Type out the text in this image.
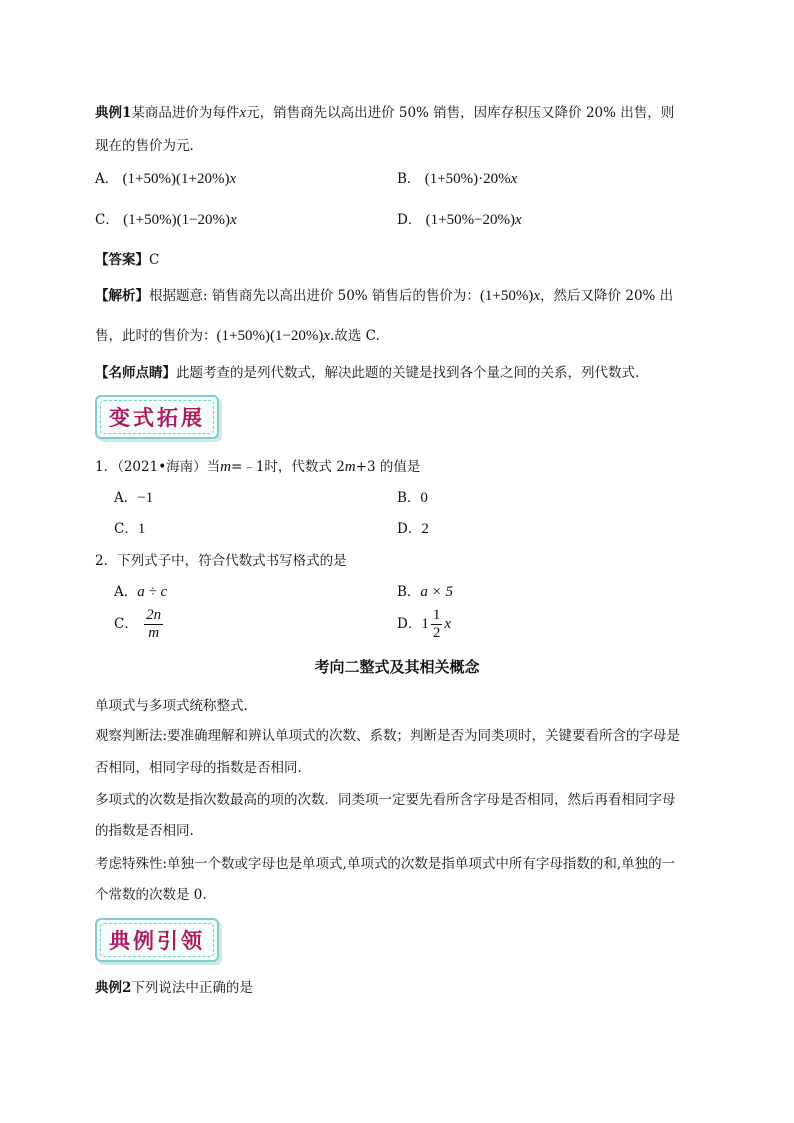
典例1某商品进价为每件x元，销售商先以高出进价 50% 销售，因库存积压又降价 20% 出售，则
现在的售价为元.
A． (1+50%)(1+20%)x	B． (1+50%)·20%x
C． (1+50%)(1−20%)x	D． (1+50%−20%)x
【答案】C
【解析】根据题意: 销售商先以高出进价 50% 销售后的售价为：(1+50%)x，然后又降价 20% 出
售，此时的售价为：(1+50%)(1−20%)x.故选 C.
【名师点睛】此题考查的是列代数式，解决此题的关键是找到各个量之间的关系，列代数式.
变式拓展
1．（2021•海南）当m=﹣1时，代数式 2m+3 的值是
A．−1	B．0
C．1	D．2
2．下列式子中，符合代数式书写格式的是
A．a ÷ c	B．a × 5
C． $\frac{2n}{m}$	D．$1 \frac{1}{2}$ x
考向二整式及其相关概念
单项式与多项式统称整式.
观察判断法:要准确理解和辨认单项式的次数、系数；判断是否为同类项时，关键要看所含的字母是
否相同，相同字母的指数是否相同.
多项式的次数是指次数最高的项的次数．同类项一定要先看所含字母是否相同，然后再看相同字母
的指数是否相同.
考虑特殊性:单独一个数或字母也是单项式,单项式的次数是指单项式中所有字母指数的和,单独的一
个常数的次数是 0.
典例引领
典例2下列说法中正确的是
